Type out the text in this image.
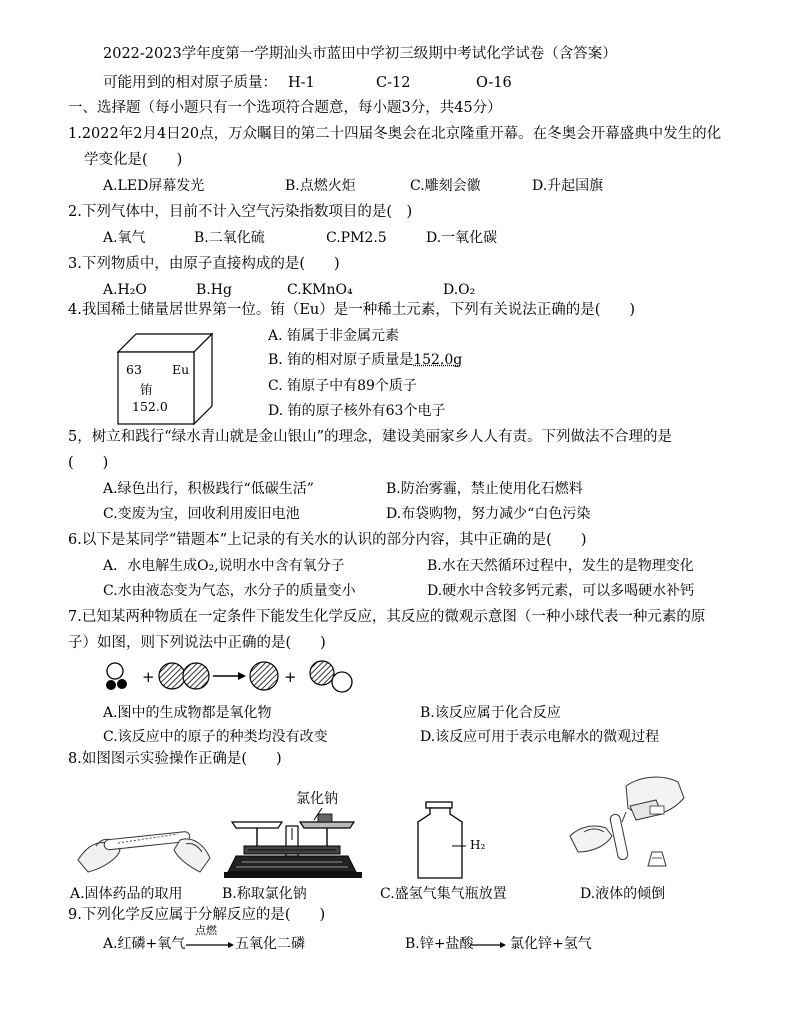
2022-2023学年度第一学期汕头市蓝田中学初三级期中考试化学试卷（含答案）
可能用到的相对原子质量： H-1	C-12	O-16
一、选择题（每小题只有一个选项符合题意，每小题3分，共45分）
1.2022年2月4日20点，万众瞩目的第二十四届冬奥会在北京隆重开幕。在冬奥会开幕盛典中发生的化
学变化是(　　)
A.LED屏幕发光	B.点燃火炬	C.雕刻会徽	D.升起国旗
2.下列气体中，目前不计入空气污染指数项目的是(　)
A.氧气	B.二氧化硫	C.PM2.5	D.一氧化碳
3.下列物质中，由原子直接构成的是(　　)
A.H₂O	B.Hg	C.KMnO₄	D.O₂
4.我国稀土储量居世界第一位。铕（Eu）是一种稀土元素，下列有关说法正确的是(　　)
63 Eu
铕
152.0
A. 铕属于非金属元素
B. 铕的相对原子质量是152.0g
C. 铕原子中有89个质子
D. 铕的原子核外有63个电子
5，树立和践行“绿水青山就是金山银山”的理念，建设美丽家乡人人有责。下列做法不合理的是
(　　)
A.绿色出行，积极践行“低碳生活”	B.防治雾霾，禁止使用化石燃料
C.变废为宝，回收利用废旧电池	D.布袋购物，努力减少“白色污染
6.以下是某同学“错题本”上记录的有关水的认识的部分内容，其中正确的是(　　)
A．水电解生成O₂,说明水中含有氧分子	B.水在天然循环过程中，发生的是物理变化
C.水由液态变为气态，水分子的质量变小	D.硬水中含较多钙元素，可以多喝硬水补钙
7.已知某两种物质在一定条件下能发生化学反应，其反应的微观示意图（一种小球代表一种元素的原
子）如图，则下列说法中正确的是(　　)
+	+
A.图中的生成物都是氧化物	B.该反应属于化合反应
C.该反应中的原子的种类均没有改变	D.该反应可用于表示电解水的微观过程
8.如图图示实验操作正确是(　　)
A.固体药品的取用
氯化钠
B.称取氯化钠
H₂
C.盛氢气集气瓶放置	D.液体的倾倒
9.下列化学反应属于分解反应的是(　　)
A.红磷+氧气
点燃
五氧化二磷	B.锌+盐酸	氯化锌+氢气
